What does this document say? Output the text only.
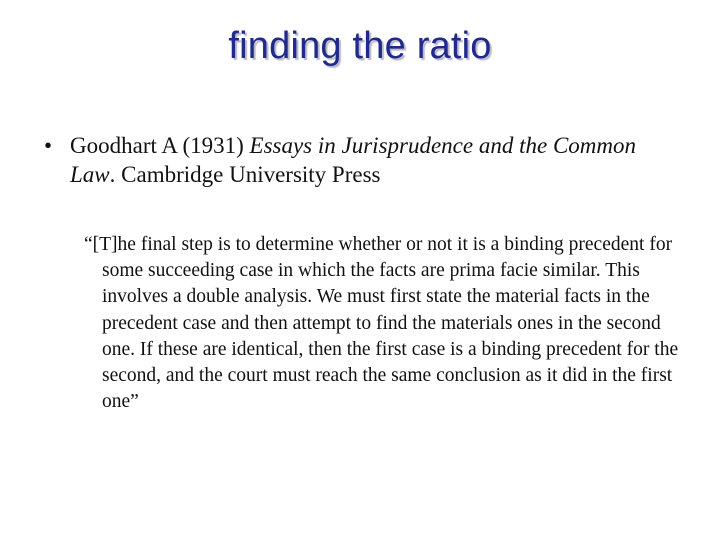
finding the ratio
• Goodhart A (1931) Essays in Jurisprudence and the Common Law. Cambridge University Press
“[T]he final step is to determine whether or not it is a binding precedent for some succeeding case in which the facts are prima facie similar. This involves a double analysis. We must first state the material facts in the precedent case and then attempt to find the materials ones in the second one. If these are identical, then the first case is a binding precedent for the second, and the court must reach the same conclusion as it did in the first one”
